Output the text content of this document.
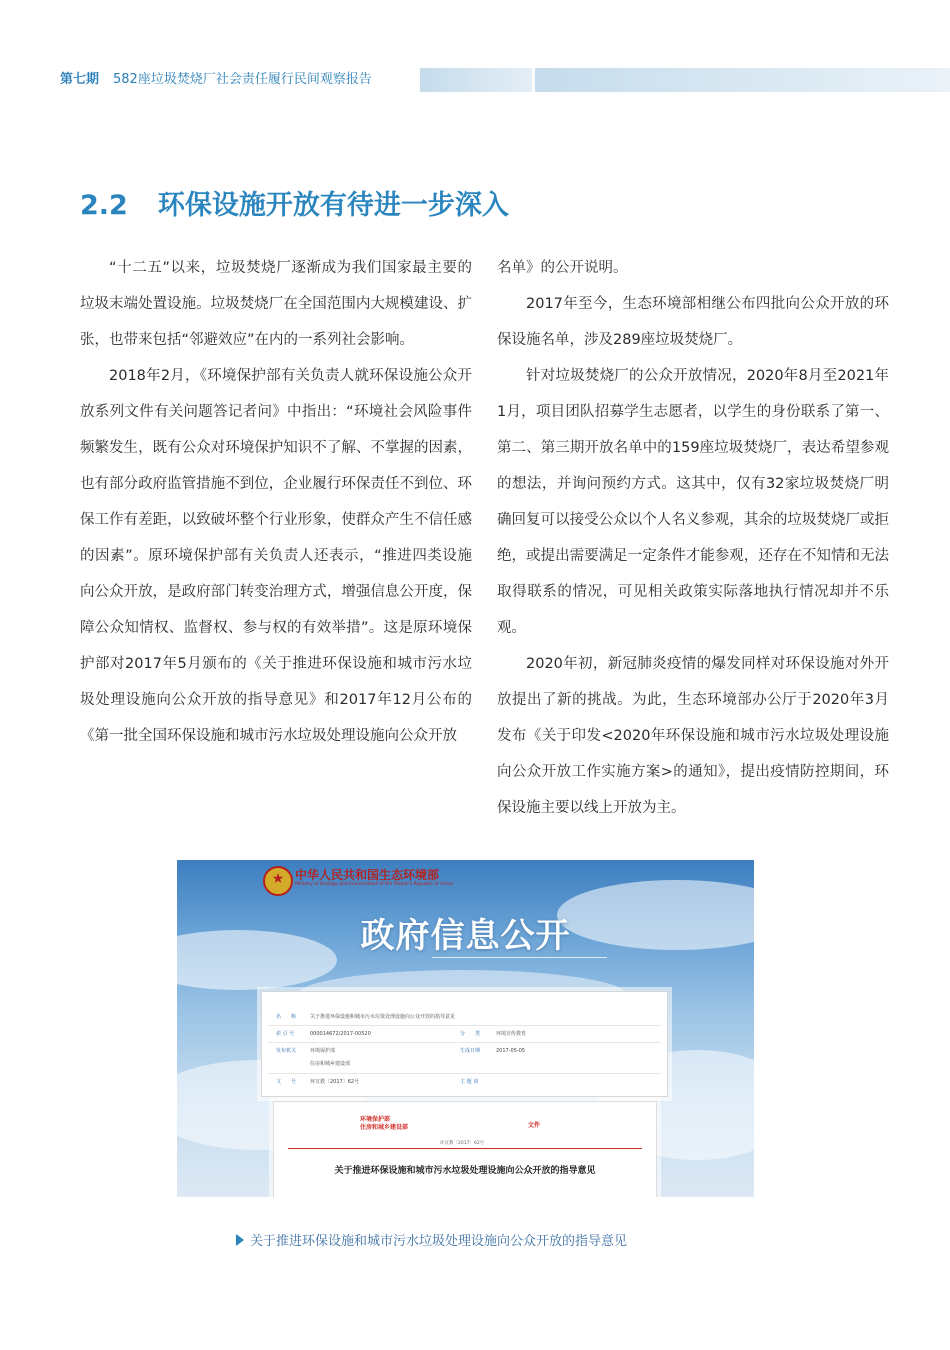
第七期 582座垃圾焚烧厂社会责任履行民间观察报告
2.2 环保设施开放有待进一步深入

“十二五”以来，垃圾焚烧厂逐渐成为我们国家最主要的垃圾末端处置设施。垃圾焚烧厂在全国范围内大规模建设、扩张，也带来包括“邻避效应”在内的一系列社会影响。

2018年2月，《环境保护部有关负责人就环保设施公众开放系列文件有关问题答记者问》中指出：“环境社会风险事件频繁发生，既有公众对环境保护知识不了解、不掌握的因素，也有部分政府监管措施不到位，企业履行环保责任不到位、环保工作有差距，以致破坏整个行业形象，使群众产生不信任感的因素”。原环境保护部有关负责人还表示，“推进四类设施向公众开放，是政府部门转变治理方式，增强信息公开度，保障公众知情权、监督权、参与权的有效举措”。这是原环境保护部对2017年5月颁布的《关于推进环保设施和城市污水垃圾处理设施向公众开放的指导意见》和2017年12月公布的《第一批全国环保设施和城市污水垃圾处理设施向公众开放

名单》的公开说明。

2017年至今，生态环境部相继公布四批向公众开放的环保设施名单，涉及289座垃圾焚烧厂。

针对垃圾焚烧厂的公众开放情况，2020年8月至2021年1月，项目团队招募学生志愿者，以学生的身份联系了第一、第二、第三期开放名单中的159座垃圾焚烧厂，表达希望参观的想法，并询问预约方式。这其中，仅有32家垃圾焚烧厂明确回复可以接受公众以个人名义参观，其余的垃圾焚烧厂或拒绝，或提出需要满足一定条件才能参观，还存在不知情和无法取得联系的情况，可见相关政策实际落地执行情况却并不乐观。

2020年初，新冠肺炎疫情的爆发同样对环保设施对外开放提出了新的挑战。为此，生态环境部办公厅于2020年3月发布《关于印发<2020年环保设施和城市污水垃圾处理设施向公众开放工作实施方案>的通知》，提出疫情防控期间，环保设施主要以线上开放为主。

★
中华人民共和国生态环境部
Ministry of Ecology and Environment of the People's Republic of China
政府信息公开
名　　称	关于推进环保设施和城市污水垃圾处理设施向公众开放的指导意见
索 引 号	000014672/2017-00520	分　　类	环境宣传教育
发布机关	环境保护部	生成日期	2017-05-05
住房和城乡建设部
文　　号	环宣教〔2017〕62号	主 题 词
环境保护部
住房和城乡建设部	文件
环宣教〔2017〕62号
关于推进环保设施和城市污水垃圾处理设施向公众开放的指导意见
关于推进环保设施和城市污水垃圾处理设施向公众开放的指导意见
